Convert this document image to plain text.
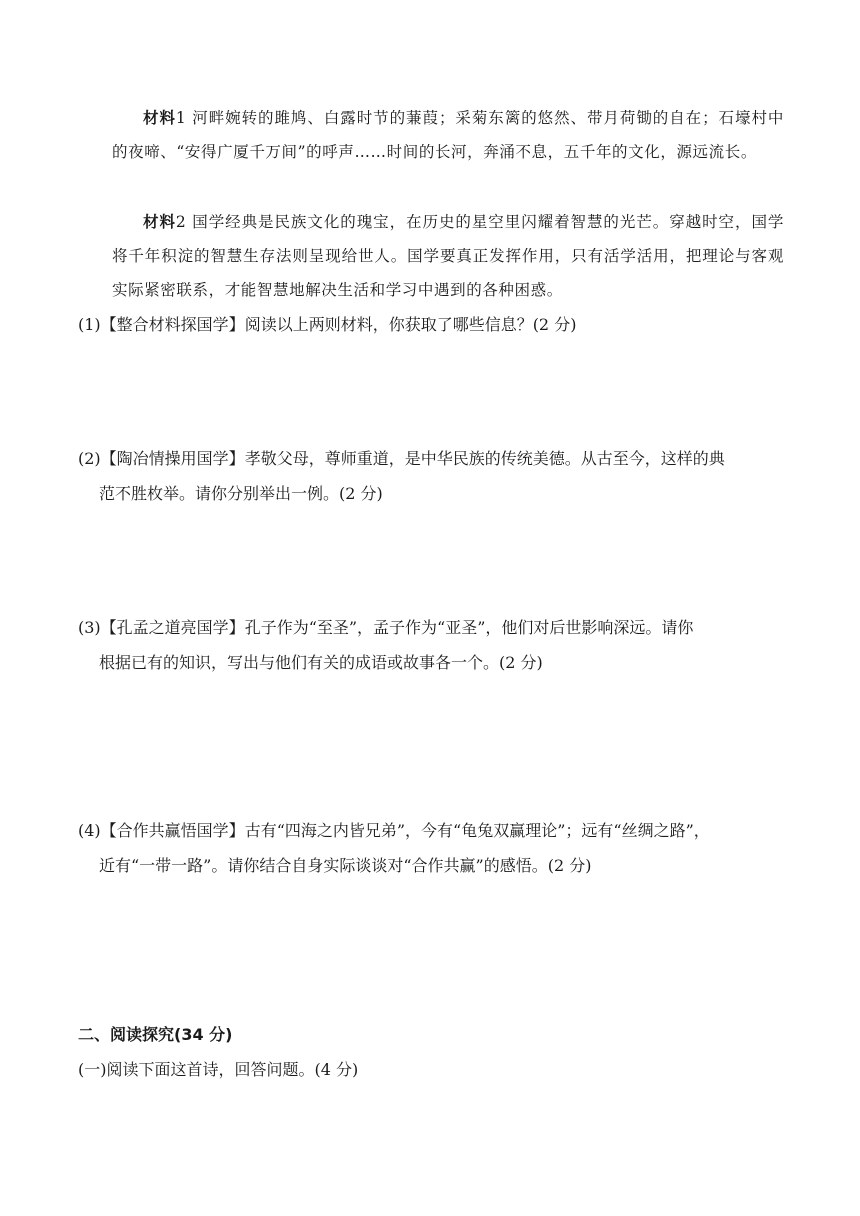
材料1 河畔婉转的雎鸠、白露时节的蒹葭；采菊东篱的悠然、带月荷锄的自在；石壕村中的夜啼、“安得广厦千万间”的呼声……时间的长河，奔涌不息，五千年的文化，源远流长。

材料2 国学经典是民族文化的瑰宝，在历史的星空里闪耀着智慧的光芒。穿越时空，国学将千年积淀的智慧生存法则呈现给世人。国学要真正发挥作用，只有活学活用，把理论与客观实际紧密联系，才能智慧地解决生活和学习中遇到的各种困惑。

(1)【整合材料探国学】阅读以上两则材料，你获取了哪些信息？(2 分)

(2)【陶冶情操用国学】孝敬父母，尊师重道，是中华民族的传统美德。从古至今，这样的典
范不胜枚举。请你分别举出一例。(2 分)

(3)【孔孟之道亮国学】孔子作为“至圣”，孟子作为“亚圣”，他们对后世影响深远。请你
根据已有的知识，写出与他们有关的成语或故事各一个。(2 分)

(4)【合作共赢悟国学】古有“四海之内皆兄弟”，今有“龟兔双赢理论”；远有“丝绸之路”，
近有“一带一路”。请你结合自身实际谈谈对“合作共赢”的感悟。(2 分)

二、阅读探究(34 分)

(一)阅读下面这首诗，回答问题。(4 分)
